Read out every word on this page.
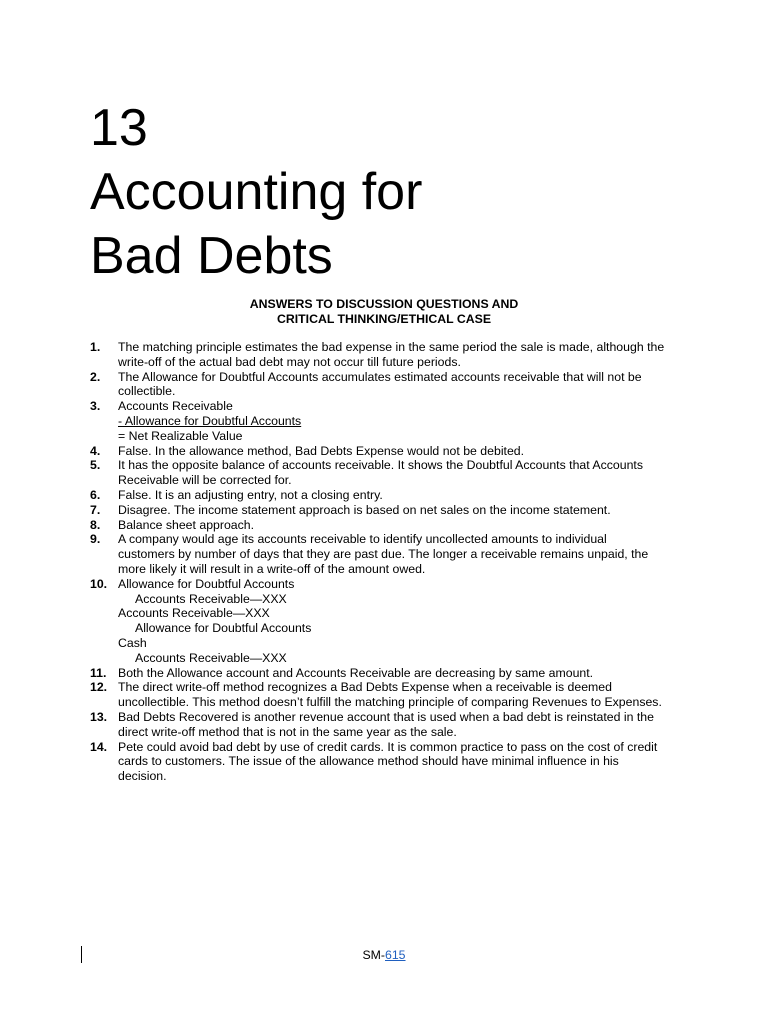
13
Accounting for
Bad Debts
ANSWERS TO DISCUSSION QUESTIONS AND
CRITICAL THINKING/ETHICAL CASE
1. The matching principle estimates the bad expense in the same period the sale is made, although the
write-off of the actual bad debt may not occur till future periods.
2. The Allowance for Doubtful Accounts accumulates estimated accounts receivable that will not be
collectible.
3. Accounts Receivable
- Allowance for Doubtful Accounts
= Net Realizable Value
4. False. In the allowance method, Bad Debts Expense would not be debited.
5. It has the opposite balance of accounts receivable. It shows the Doubtful Accounts that Accounts
Receivable will be corrected for.
6. False. It is an adjusting entry, not a closing entry.
7. Disagree. The income statement approach is based on net sales on the income statement.
8. Balance sheet approach.
9. A company would age its accounts receivable to identify uncollected amounts to individual
customers by number of days that they are past due. The longer a receivable remains unpaid, the
more likely it will result in a write-off of the amount owed.
10. Allowance for Doubtful Accounts
Accounts Receivable—XXX
Accounts Receivable—XXX
Allowance for Doubtful Accounts
Cash
Accounts Receivable—XXX
11. Both the Allowance account and Accounts Receivable are decreasing by same amount.
12. The direct write-off method recognizes a Bad Debts Expense when a receivable is deemed
uncollectible. This method doesn’t fulfill the matching principle of comparing Revenues to Expenses.
13. Bad Debts Recovered is another revenue account that is used when a bad debt is reinstated in the
direct write-off method that is not in the same year as the sale.
14. Pete could avoid bad debt by use of credit cards. It is common practice to pass on the cost of credit
cards to customers. The issue of the allowance method should have minimal influence in his
decision.
SM-615
